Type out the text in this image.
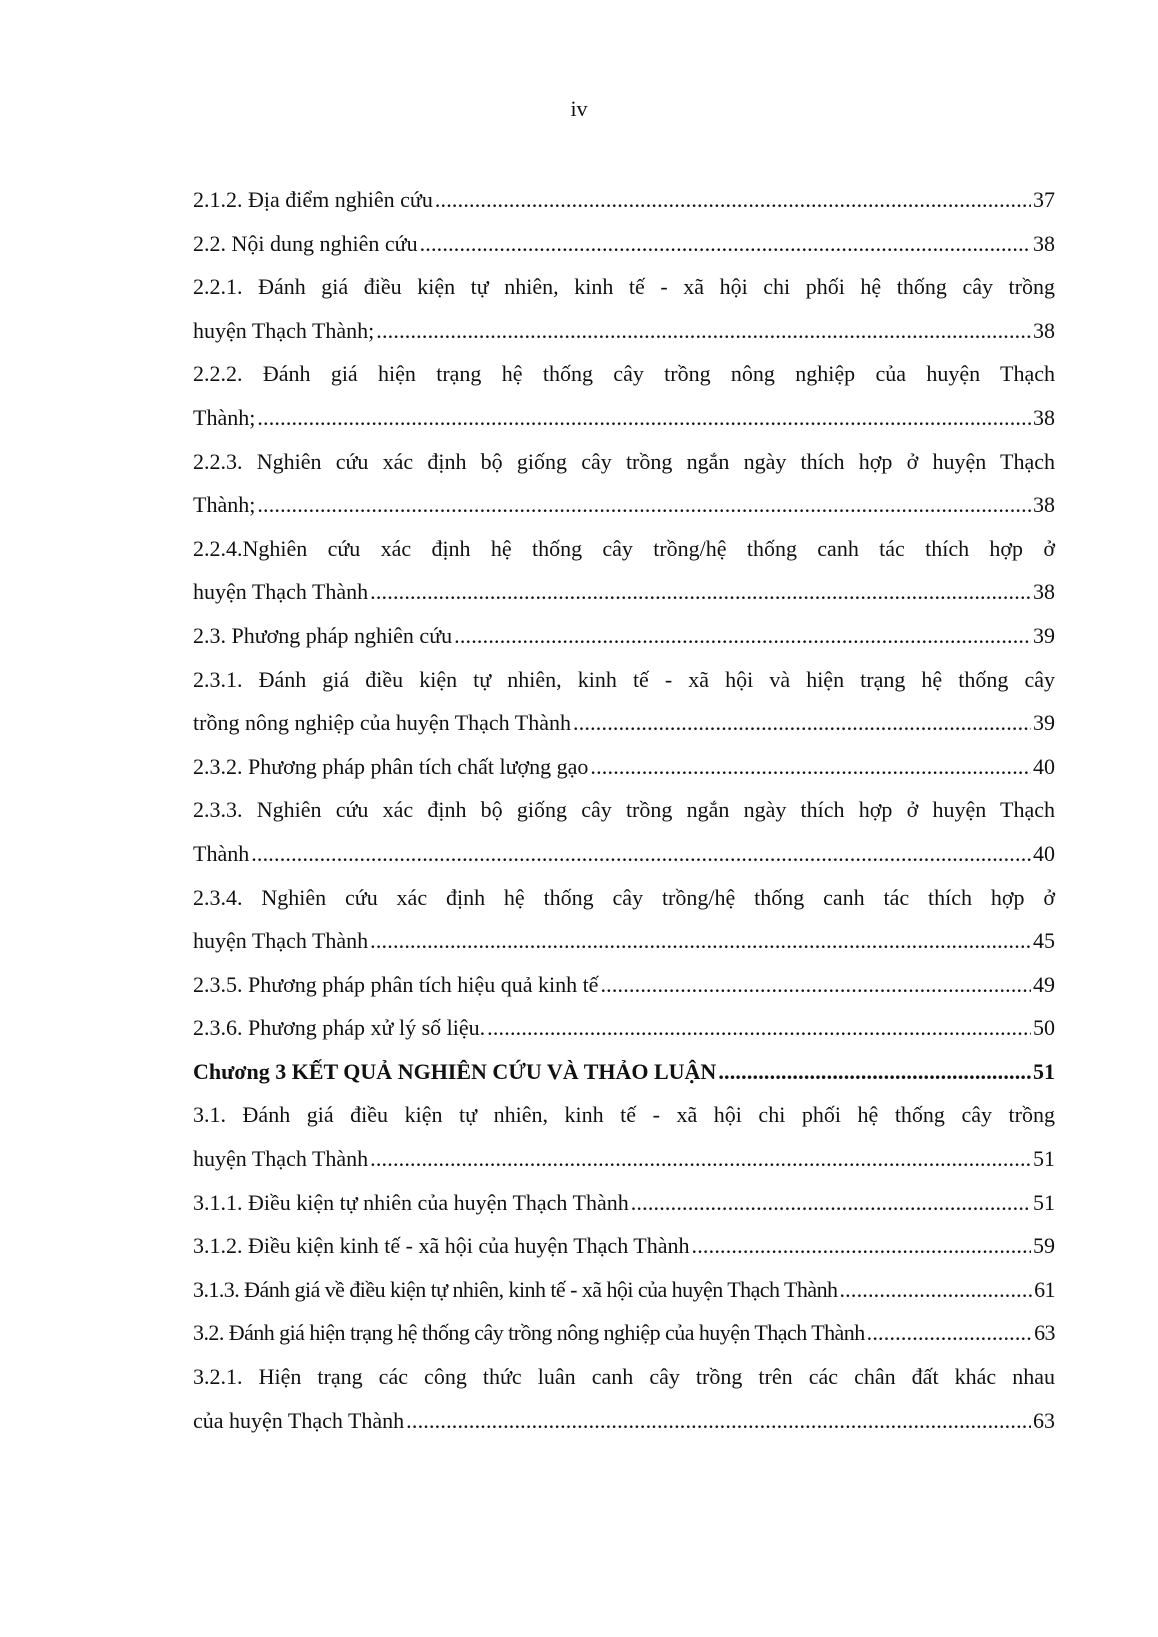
iv
2.1.2. Địa điểm nghiên cứu .....	37
2.2. Nội dung nghiên cứu .....	38
2.2.1. Đánh giá điều kiện tự nhiên, kinh tế - xã hội chi phối hệ thống cây trồng
huyện Thạch Thành; .....	38
2.2.2. Đánh giá hiện trạng hệ thống cây trồng nông nghiệp của huyện Thạch
Thành; .....	38
2.2.3. Nghiên cứu xác định bộ giống cây trồng ngắn ngày thích hợp ở huyện Thạch
Thành; .....	38
2.2.4.Nghiên cứu xác định hệ thống cây trồng/hệ thống canh tác thích hợp ở
huyện Thạch Thành .....	38
2.3. Phương pháp nghiên cứu .....	39
2.3.1. Đánh giá điều kiện tự nhiên, kinh tế - xã hội và hiện trạng hệ thống cây
trồng nông nghiệp của huyện Thạch Thành .....	39
2.3.2. Phương pháp phân tích chất lượng gạo .....	40
2.3.3. Nghiên cứu xác định bộ giống cây trồng ngắn ngày thích hợp ở huyện Thạch
Thành .....	40
2.3.4. Nghiên cứu xác định hệ thống cây trồng/hệ thống canh tác thích hợp ở
huyện Thạch Thành .....	45
2.3.5. Phương pháp phân tích hiệu quả kinh tế .....	49
2.3.6. Phương pháp xử lý số liệu. .....	50
Chương 3 KẾT QUẢ NGHIÊN CỨU VÀ THẢO LUẬN .....	51
3.1. Đánh giá điều kiện tự nhiên, kinh tế - xã hội chi phối hệ thống cây trồng
huyện Thạch Thành .....	51
3.1.1. Điều kiện tự nhiên của huyện Thạch Thành .....	51
3.1.2. Điều kiện kinh tế - xã hội của huyện Thạch Thành .....	59
3.1.3. Đánh giá về điều kiện tự nhiên, kinh tế - xã hội của huyện Thạch Thành .....	61
3.2. Đánh giá hiện trạng hệ thống cây trồng nông nghiệp của huyện Thạch Thành .....	63
3.2.1. Hiện trạng các công thức luân canh cây trồng trên các chân đất khác nhau
của huyện Thạch Thành .....	63
